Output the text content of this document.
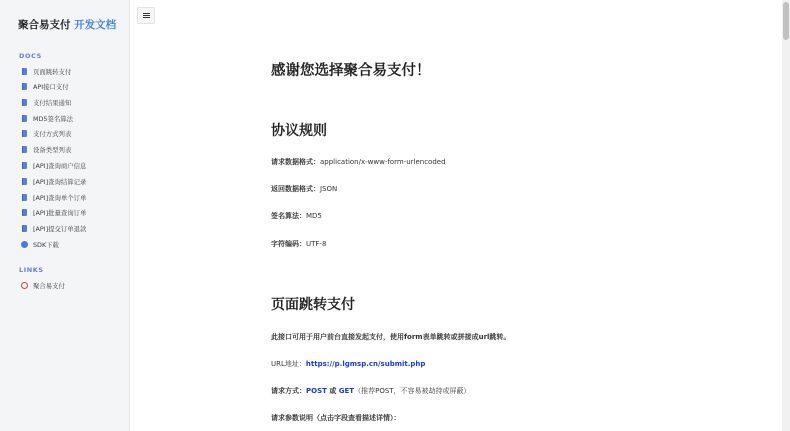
聚合易支付 开发文档
DOCS
页面跳转支付
API接口支付
支付结果通知
MD5签名算法
支付方式列表
设备类型列表
[API]查询商户信息
[API]查询结算记录
[API]查询单个订单
[API]批量查询订单
[API]提交订单退款
SDK下载
LINKS
聚合易支付
感谢您选择聚合易支付！
协议规则
请求数据格式：application/x-www-form-urlencoded
返回数据格式：JSON
签名算法：MD5
字符编码：UTF-8
页面跳转支付
此接口可用于用户前台直接发起支付，使用form表单跳转或拼接成url跳转。
URL地址：https://p.lgmsp.cn/submit.php
请求方式：POST 或 GET（推荐POST，不容易被劫持或屏蔽）
请求参数说明（点击字段查看描述详情）：
